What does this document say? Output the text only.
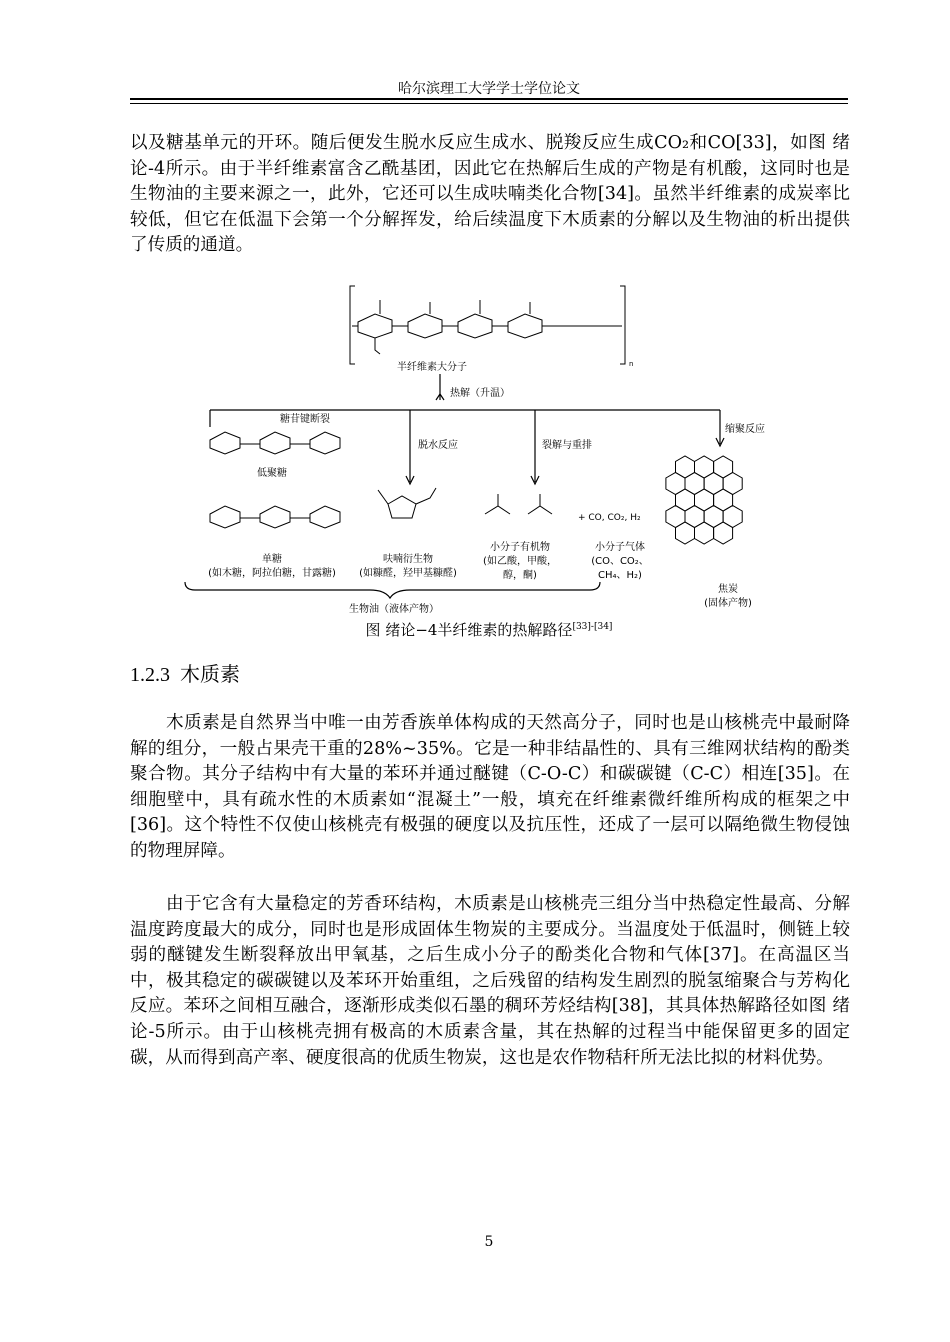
哈尔滨理工大学学士学位论文

以及糖基单元的开环。随后便发生脱水反应生成水、脱羧反应生成CO₂和CO[33]，如图 绪论-4所示。由于半纤维素富含乙酰基团，因此它在热解后生成的产物是有机酸，这同时也是生物油的主要来源之一，此外，它还可以生成呋喃类化合物[34]。虽然半纤维素的成炭率比较低，但它在低温下会第一个分解挥发，给后续温度下木质素的分解以及生物油的析出提供了传质的通道。

半纤维素大分子	n
热解（升温）
糖苷键断裂
脱水反应	裂解与重排
缩聚反应
低聚糖
单糖
(如木糖，阿拉伯糖，甘露糖)
呋喃衍生物
(如糠醛，羟甲基糠醛)
小分子有机物
(如乙酸，甲酸，
醇，酮)
+ CO, CO₂, H₂
小分子气体
(CO、CO₂、
CH₄、H₂)
生物油（液体产物）
焦炭
(固体产物)
图 绪论−4半纤维素的热解路径[33]-[34]
1.2.3 木质素

木质素是自然界当中唯一由芳香族单体构成的天然高分子，同时也是山核桃壳中最耐降解的组分，一般占果壳干重的28%~35%。它是一种非结晶性的、具有三维网状结构的酚类聚合物。其分子结构中有大量的苯环并通过醚键（C-O-C）和碳碳键（C-C）相连[35]。在细胞壁中，具有疏水性的木质素如“混凝土”一般，填充在纤维素微纤维所构成的框架之中[36]。这个特性不仅使山核桃壳有极强的硬度以及抗压性，还成了一层可以隔绝微生物侵蚀的物理屏障。

由于它含有大量稳定的芳香环结构，木质素是山核桃壳三组分当中热稳定性最高、分解温度跨度最大的成分，同时也是形成固体生物炭的主要成分。当温度处于低温时，侧链上较弱的醚键发生断裂释放出甲氧基，之后生成小分子的酚类化合物和气体[37]。在高温区当中，极其稳定的碳碳键以及苯环开始重组，之后残留的结构发生剧烈的脱氢缩聚合与芳构化反应。苯环之间相互融合，逐渐形成类似石墨的稠环芳烃结构[38]，其具体热解路径如图 绪论-5所示。由于山核桃壳拥有极高的木质素含量，其在热解的过程当中能保留更多的固定碳，从而得到高产率、硬度很高的优质生物炭，这也是农作物秸秆所无法比拟的材料优势。

5
